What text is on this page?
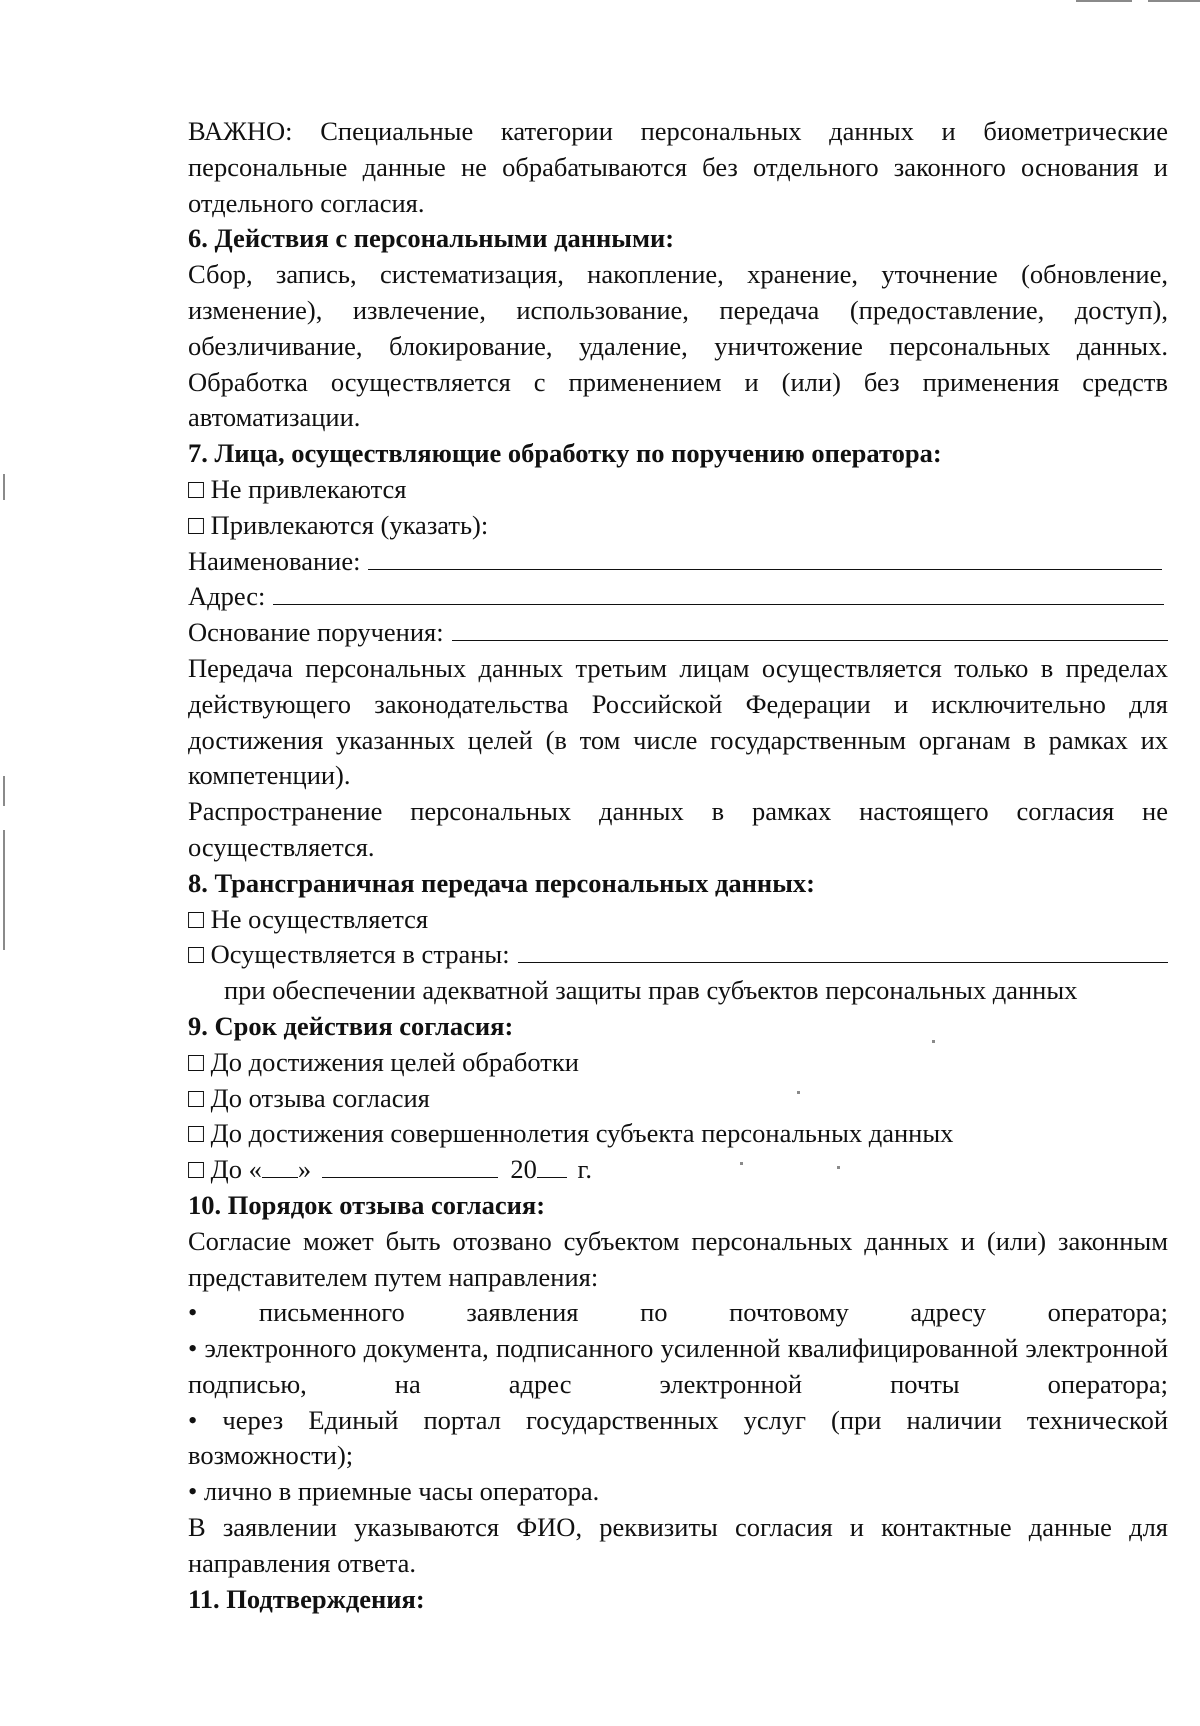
ВАЖНО: Специальные категории персональных данных и биометрические персональные данные не обрабатываются без отдельного законного основания и отдельного согласия.

6. Действия с персональными данными:

Сбор, запись, систематизация, накопление, хранение, уточнение (обновление, изменение), извлечение, использование, передача (предоставление, доступ), обезличивание, блокирование, удаление, уничтожение персональных данных. Обработка осуществляется с применением и (или) без применения средств автоматизации.

7. Лица, осуществляющие обработку по поручению оператора:

□ Не привлекаются

□ Привлекаются (указать):

Наименование:
Адрес:
Основание поручения:

Передача персональных данных третьим лицам осуществляется только в пределах действующего законодательства Российской Федерации и исключительно для достижения указанных целей (в том числе государственным органам в рамках их компетенции).

Распространение персональных данных в рамках настоящего согласия не осуществляется.

8. Трансграничная передача персональных данных:

□ Не осуществляется

□ Осуществляется в страны:

при обеспечении адекватной защиты прав субъектов персональных данных

9. Срок действия согласия:

□ До достижения целей обработки

□ До отзыва согласия

□ До достижения совершеннолетия субъекта персональных данных

□ До « »	20 г.

10. Порядок отзыва согласия:

Согласие может быть отозвано субъектом персональных данных и (или) законным представителем путем направления:

• письменного заявления по почтовому адресу оператора;

• электронного документа, подписанного усиленной квалифицированной электронной подписью, на адрес электронной почты оператора;

• через Единый портал государственных услуг (при наличии технической возможности);

• лично в приемные часы оператора.

В заявлении указываются ФИО, реквизиты согласия и контактные данные для направления ответа.

11. Подтверждения:
